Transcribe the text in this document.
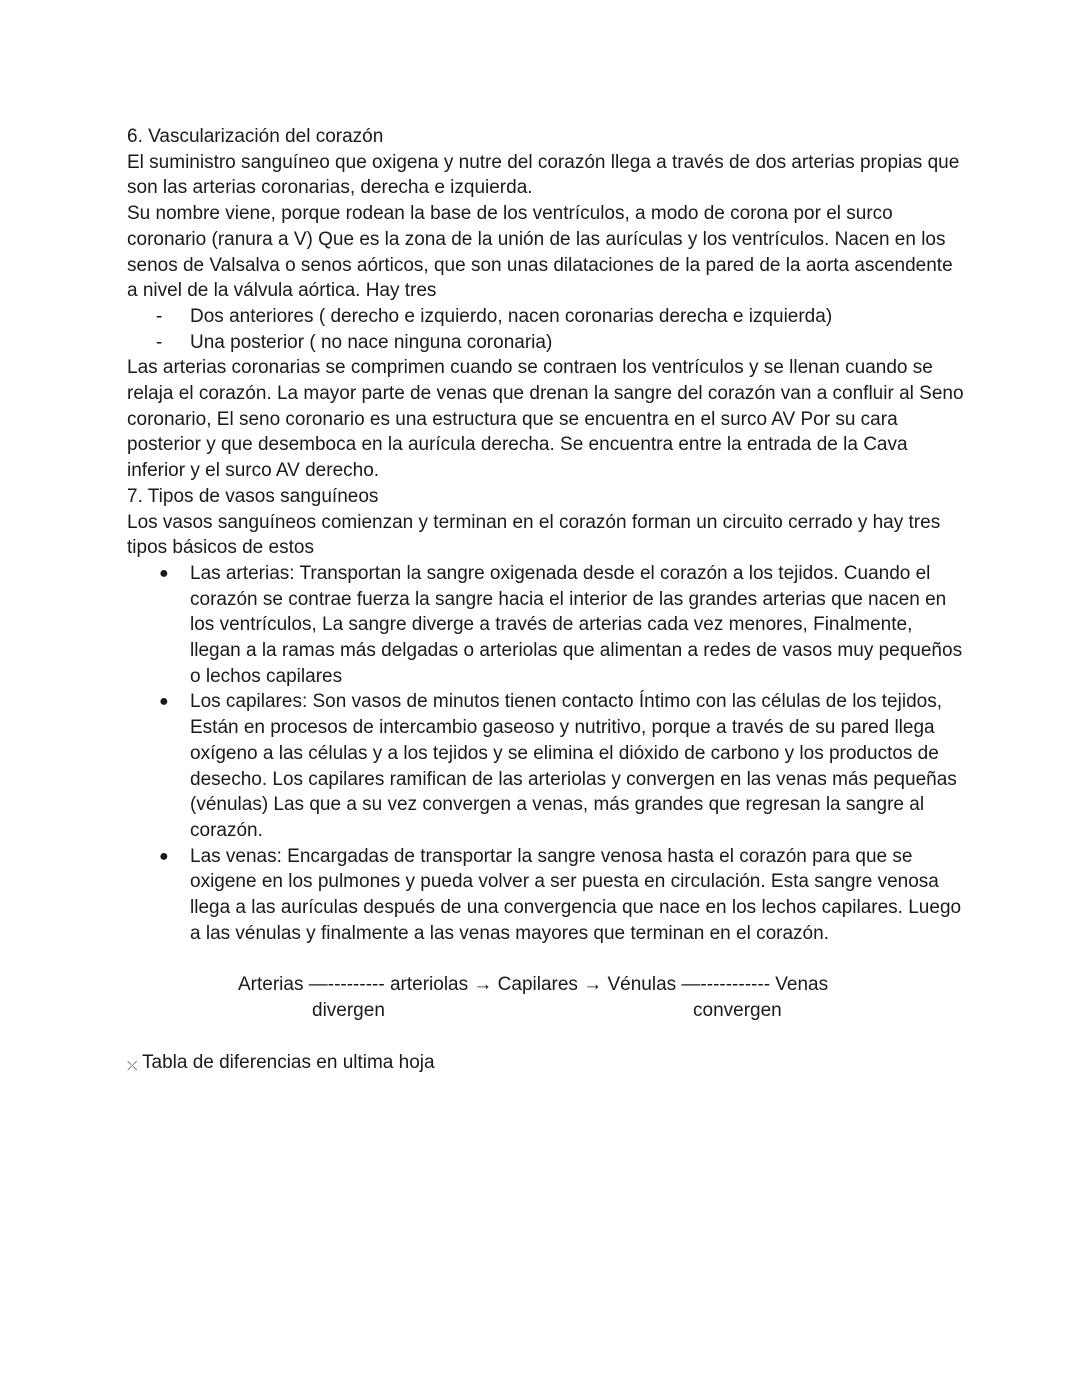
6. Vascularización del corazón

El suministro sanguíneo que oxigena y nutre del corazón llega a través de dos arterias propias que son las arterias coronarias, derecha e izquierda.

Su nombre viene, porque rodean la base de los ventrículos, a modo de corona por el surco coronario (ranura a V) Que es la zona de la unión de las aurículas y los ventrículos. Nacen en los senos de Valsalva o senos aórticos, que son unas dilataciones de la pared de la aorta ascendente a nivel de la válvula aórtica. Hay tres

-	Dos anteriores ( derecho e izquierdo, nacen coronarias derecha e izquierda)
-	Una posterior ( no nace ninguna coronaria)

Las arterias coronarias se comprimen cuando se contraen los ventrículos y se llenan cuando se relaja el corazón. La mayor parte de venas que drenan la sangre del corazón van a confluir al Seno coronario, El seno coronario es una estructura que se encuentra en el surco AV Por su cara posterior y que desemboca en la aurícula derecha. Se encuentra entre la entrada de la Cava inferior y el surco AV derecho.

7. Tipos de vasos sanguíneos

Los vasos sanguíneos comienzan y terminan en el corazón forman un circuito cerrado y hay tres tipos básicos de estos

●	Las arterias: Transportan la sangre oxigenada desde el corazón a los tejidos. Cuando el corazón se contrae fuerza la sangre hacia el interior de las grandes arterias que nacen en los ventrículos, La sangre diverge a través de arterias cada vez menores, Finalmente, llegan a la ramas más delgadas o arteriolas que alimentan a redes de vasos muy pequeños o lechos capilares
●	Los capilares: Son vasos de minutos tienen contacto Íntimo con las células de los tejidos, Están en procesos de intercambio gaseoso y nutritivo, porque a través de su pared llega oxígeno a las células y a los tejidos y se elimina el dióxido de carbono y los productos de desecho. Los capilares ramifican de las arteriolas y convergen en las venas más pequeñas (vénulas) Las que a su vez convergen a venas, más grandes que regresan la sangre al corazón.
●	Las venas: Encargadas de transportar la sangre venosa hasta el corazón para que se oxigene en los pulmones y pueda volver a ser puesta en circulación. Esta sangre venosa llega a las aurículas después de una convergencia que nace en los lechos capilares. Luego a las vénulas y finalmente a las venas mayores que terminan en el corazón.
Arterias —--------- arteriolas → Capilares → Vénulas —----------- Venas
divergen	convergen
⤫ Tabla de diferencias en ultima hoja
